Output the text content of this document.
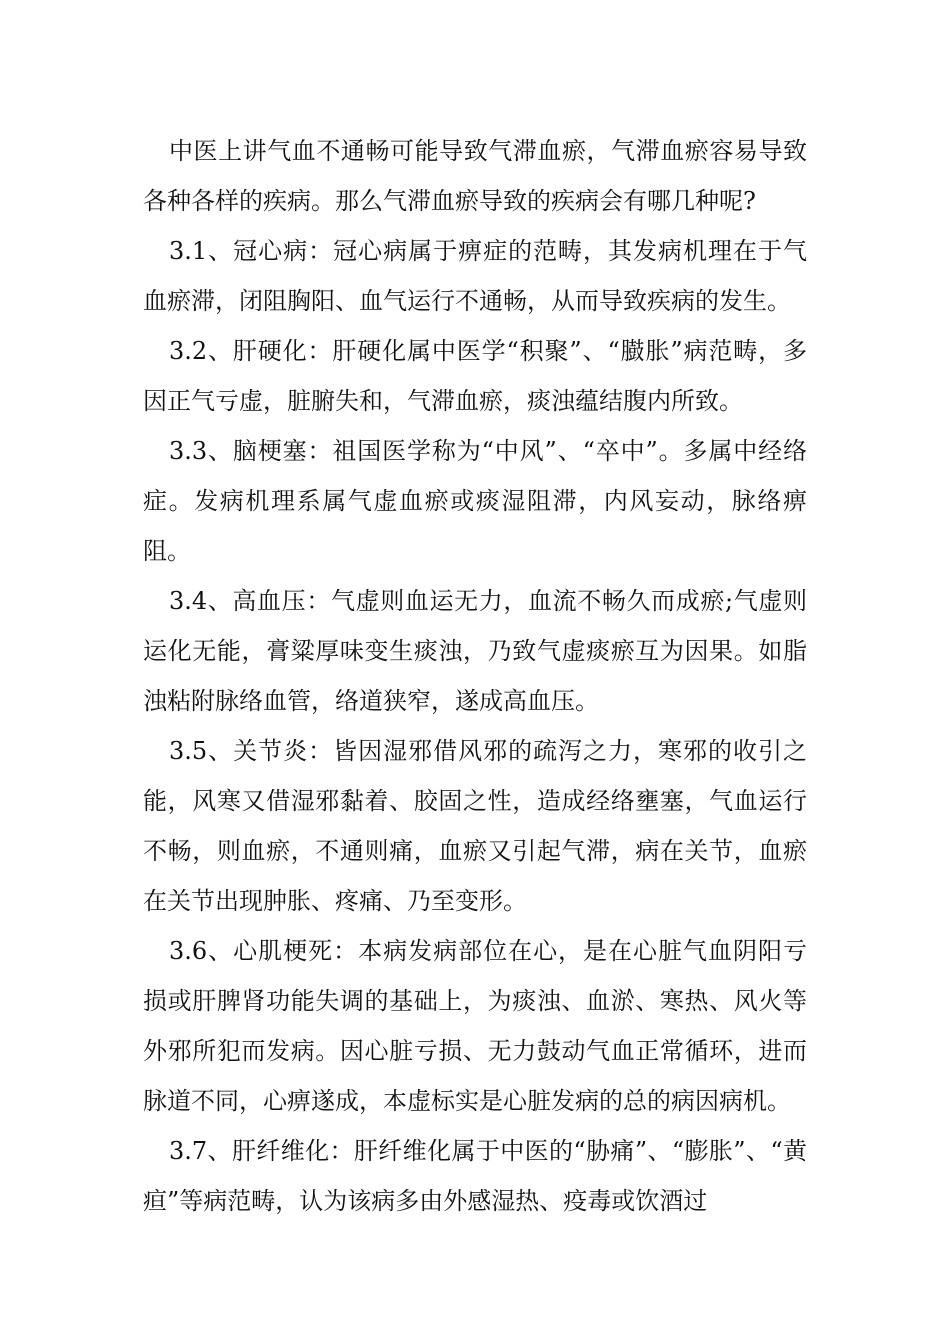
中医上讲气血不通畅可能导致气滞血瘀，气滞血瘀容易导致各种各样的疾病。那么气滞血瘀导致的疾病会有哪几种呢?

3.1、冠心病：冠心病属于痹症的范畴，其发病机理在于气血瘀滞，闭阻胸阳、血气运行不通畅，从而导致疾病的发生。

3.2、肝硬化：肝硬化属中医学“积聚”、“臌胀”病范畴，多因正气亏虚，脏腑失和，气滞血瘀，痰浊蕴结腹内所致。

3.3、脑梗塞：祖国医学称为“中风”、“卒中”。多属中经络症。发病机理系属气虚血瘀或痰湿阻滞，内风妄动，脉络痹阻。

3.4、高血压：气虚则血运无力，血流不畅久而成瘀;气虚则运化无能，膏粱厚味变生痰浊，乃致气虚痰瘀互为因果。如脂浊粘附脉络血管，络道狭窄，遂成高血压。

3.5、关节炎：皆因湿邪借风邪的疏泻之力，寒邪的收引之能，风寒又借湿邪黏着、胶固之性，造成经络壅塞，气血运行不畅，则血瘀，不通则痛，血瘀又引起气滞，病在关节，血瘀在关节出现肿胀、疼痛、乃至变形。

3.6、心肌梗死：本病发病部位在心，是在心脏气血阴阳亏损或肝脾肾功能失调的基础上，为痰浊、血淤、寒热、风火等外邪所犯而发病。因心脏亏损、无力鼓动气血正常循环，进而脉道不同，心痹遂成，本虚标实是心脏发病的总的病因病机。

3.7、肝纤维化：肝纤维化属于中医的“胁痛”、“膨胀”、“黄疸”等病范畴，认为该病多由外感湿热、疫毒或饮酒过
